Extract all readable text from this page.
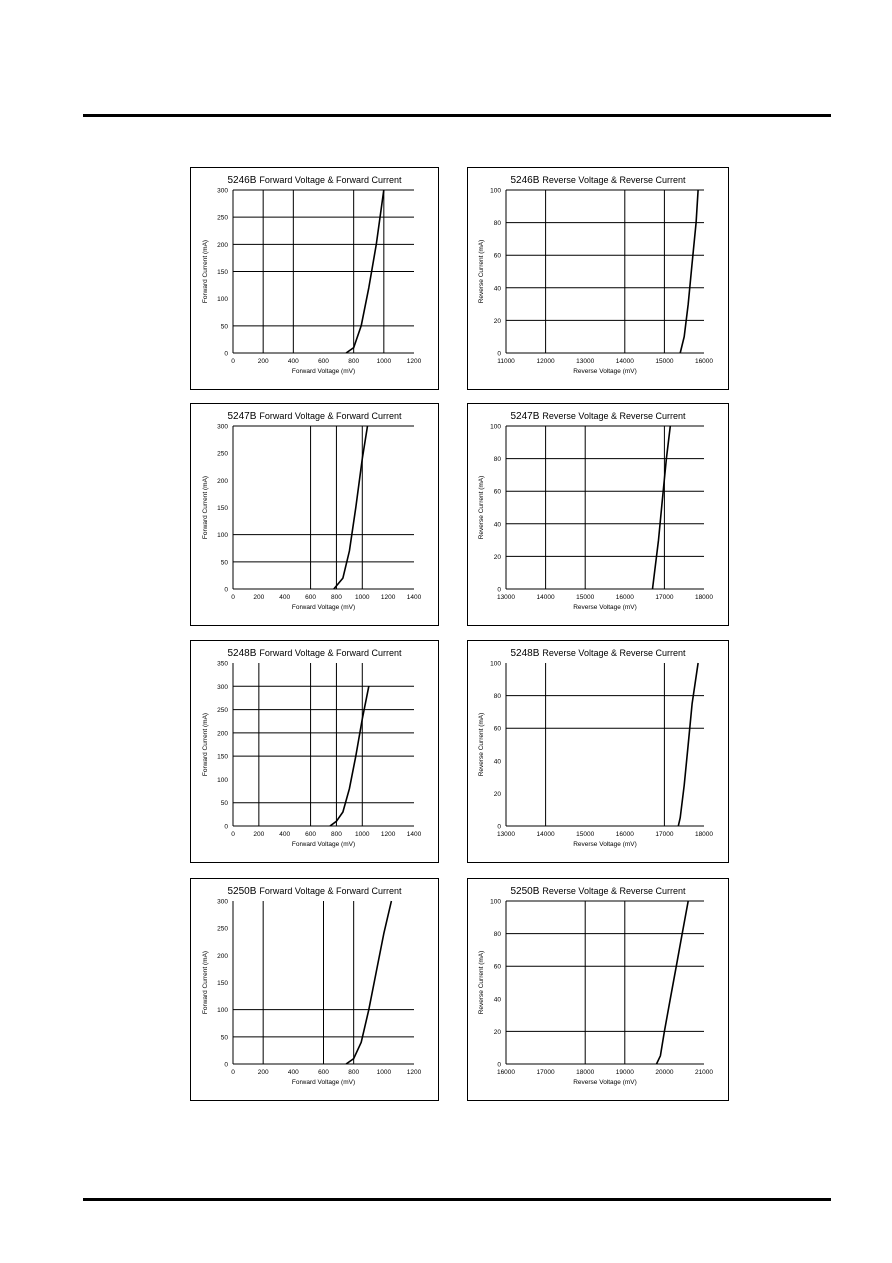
5246B Forward Voltage & Forward Current
0	200	400	600	800	1000 1200
0
50
100
150
200
250
300
Forward Voltage (mV)
Forward Current (mA)
5246B Reverse Voltage & Reverse Current
11000	12000	13000	14000	15000	16000
0
20
40
60
80
100
Reverse Voltage (mV)
Reverse Current (mA)
5247B Forward Voltage & Forward Current
0	200 400 600 800 1000 1200 1400
0
50
100
150
200
250
300
Forward Voltage (mV)
Forward Current (mA)
5247B Reverse Voltage & Reverse Current
13000	14000	15000	16000	17000	18000
0
20
40
60
80
100
Reverse Voltage (mV)
Reverse Current (mA)
5248B Forward Voltage & Forward Current
0	200 400 600 800 1000 1200 1400
0
50
100
150
200
250
300
350
Forward Voltage (mV)
Forward Current (mA)
5248B Reverse Voltage & Reverse Current
13000	14000	15000	16000	17000	18000
0
20
40
60
80
100
Reverse Voltage (mV)
Reverse Current (mA)
5250B Forward Voltage & Forward Current
0	200	400	600	800	1000 1200
0
50
100
150
200
250
300
Forward Voltage (mV)
Forward Current (mA)
5250B Reverse Voltage & Reverse Current
16000	17000	18000	19000	20000	21000
0
20
40
60
80
100
Reverse Voltage (mV)
Reverse Current (mA)
